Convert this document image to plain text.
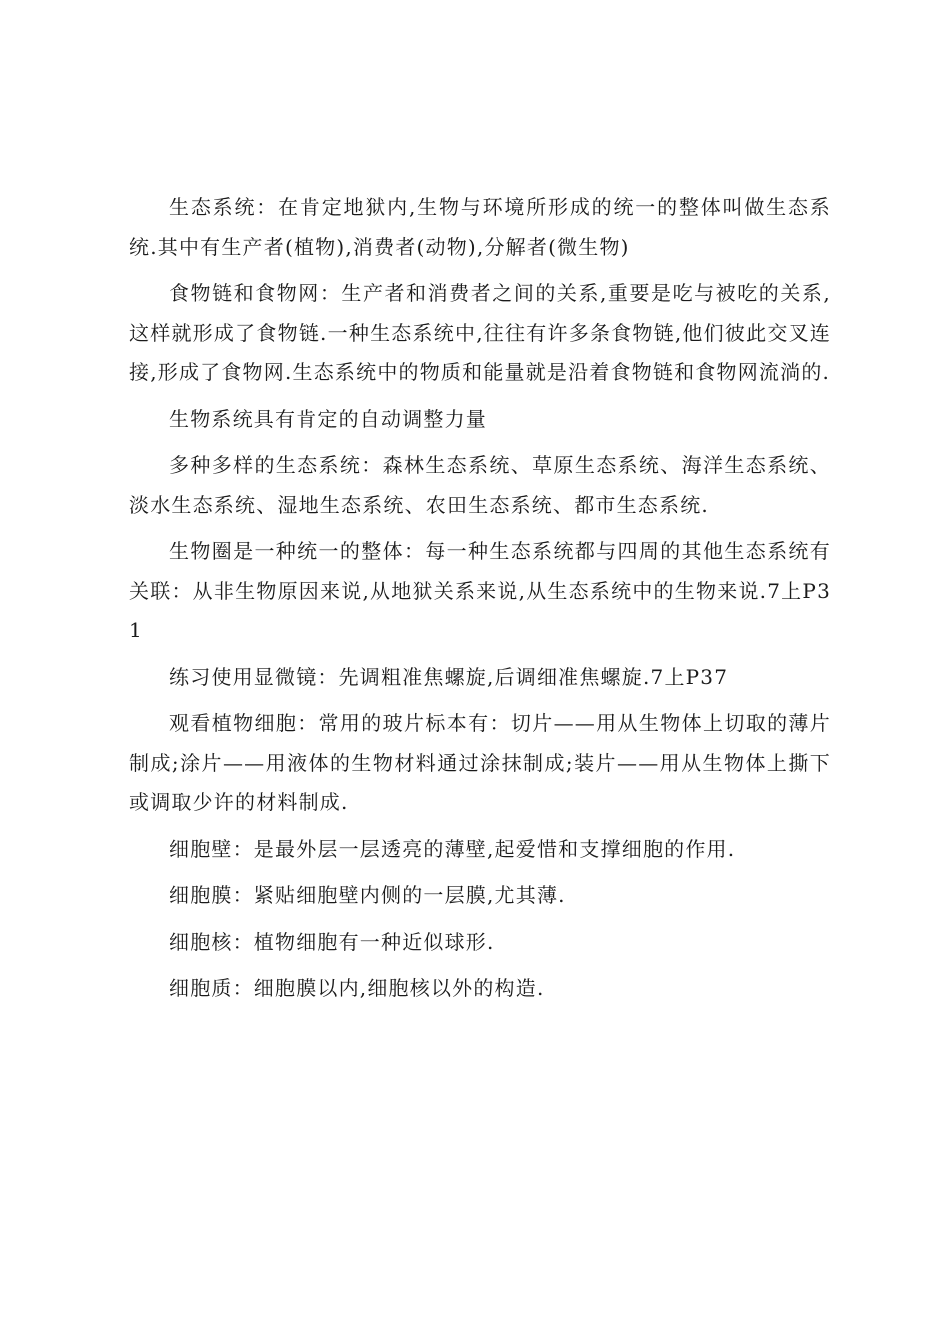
生态系统：在肯定地狱内,生物与环境所形成的统一的整体叫做生态系统.其中有生产者(植物),消费者(动物),分解者(微生物)

食物链和食物网：生产者和消费者之间的关系,重要是吃与被吃的关系,这样就形成了食物链.一种生态系统中,往往有许多条食物链,他们彼此交叉连接,形成了食物网.生态系统中的物质和能量就是沿着食物链和食物网流淌的.

生物系统具有肯定的自动调整力量

多种多样的生态系统：森林生态系统、草原生态系统、海洋生态系统、淡水生态系统、湿地生态系统、农田生态系统、都市生态系统.

生物圈是一种统一的整体：每一种生态系统都与四周的其他生态系统有关联：从非生物原因来说,从地狱关系来说,从生态系统中的生物来说.7上P31

练习使用显微镜：先调粗准焦螺旋,后调细准焦螺旋.7上P37

观看植物细胞：常用的玻片标本有：切片——用从生物体上切取的薄片制成;涂片——用液体的生物材料通过涂抹制成;装片——用从生物体上撕下或调取少许的材料制成.

细胞壁：是最外层一层透亮的薄壁,起爱惜和支撑细胞的作用.

细胞膜：紧贴细胞壁内侧的一层膜,尤其薄.

细胞核：植物细胞有一种近似球形.

细胞质：细胞膜以内,细胞核以外的构造.
